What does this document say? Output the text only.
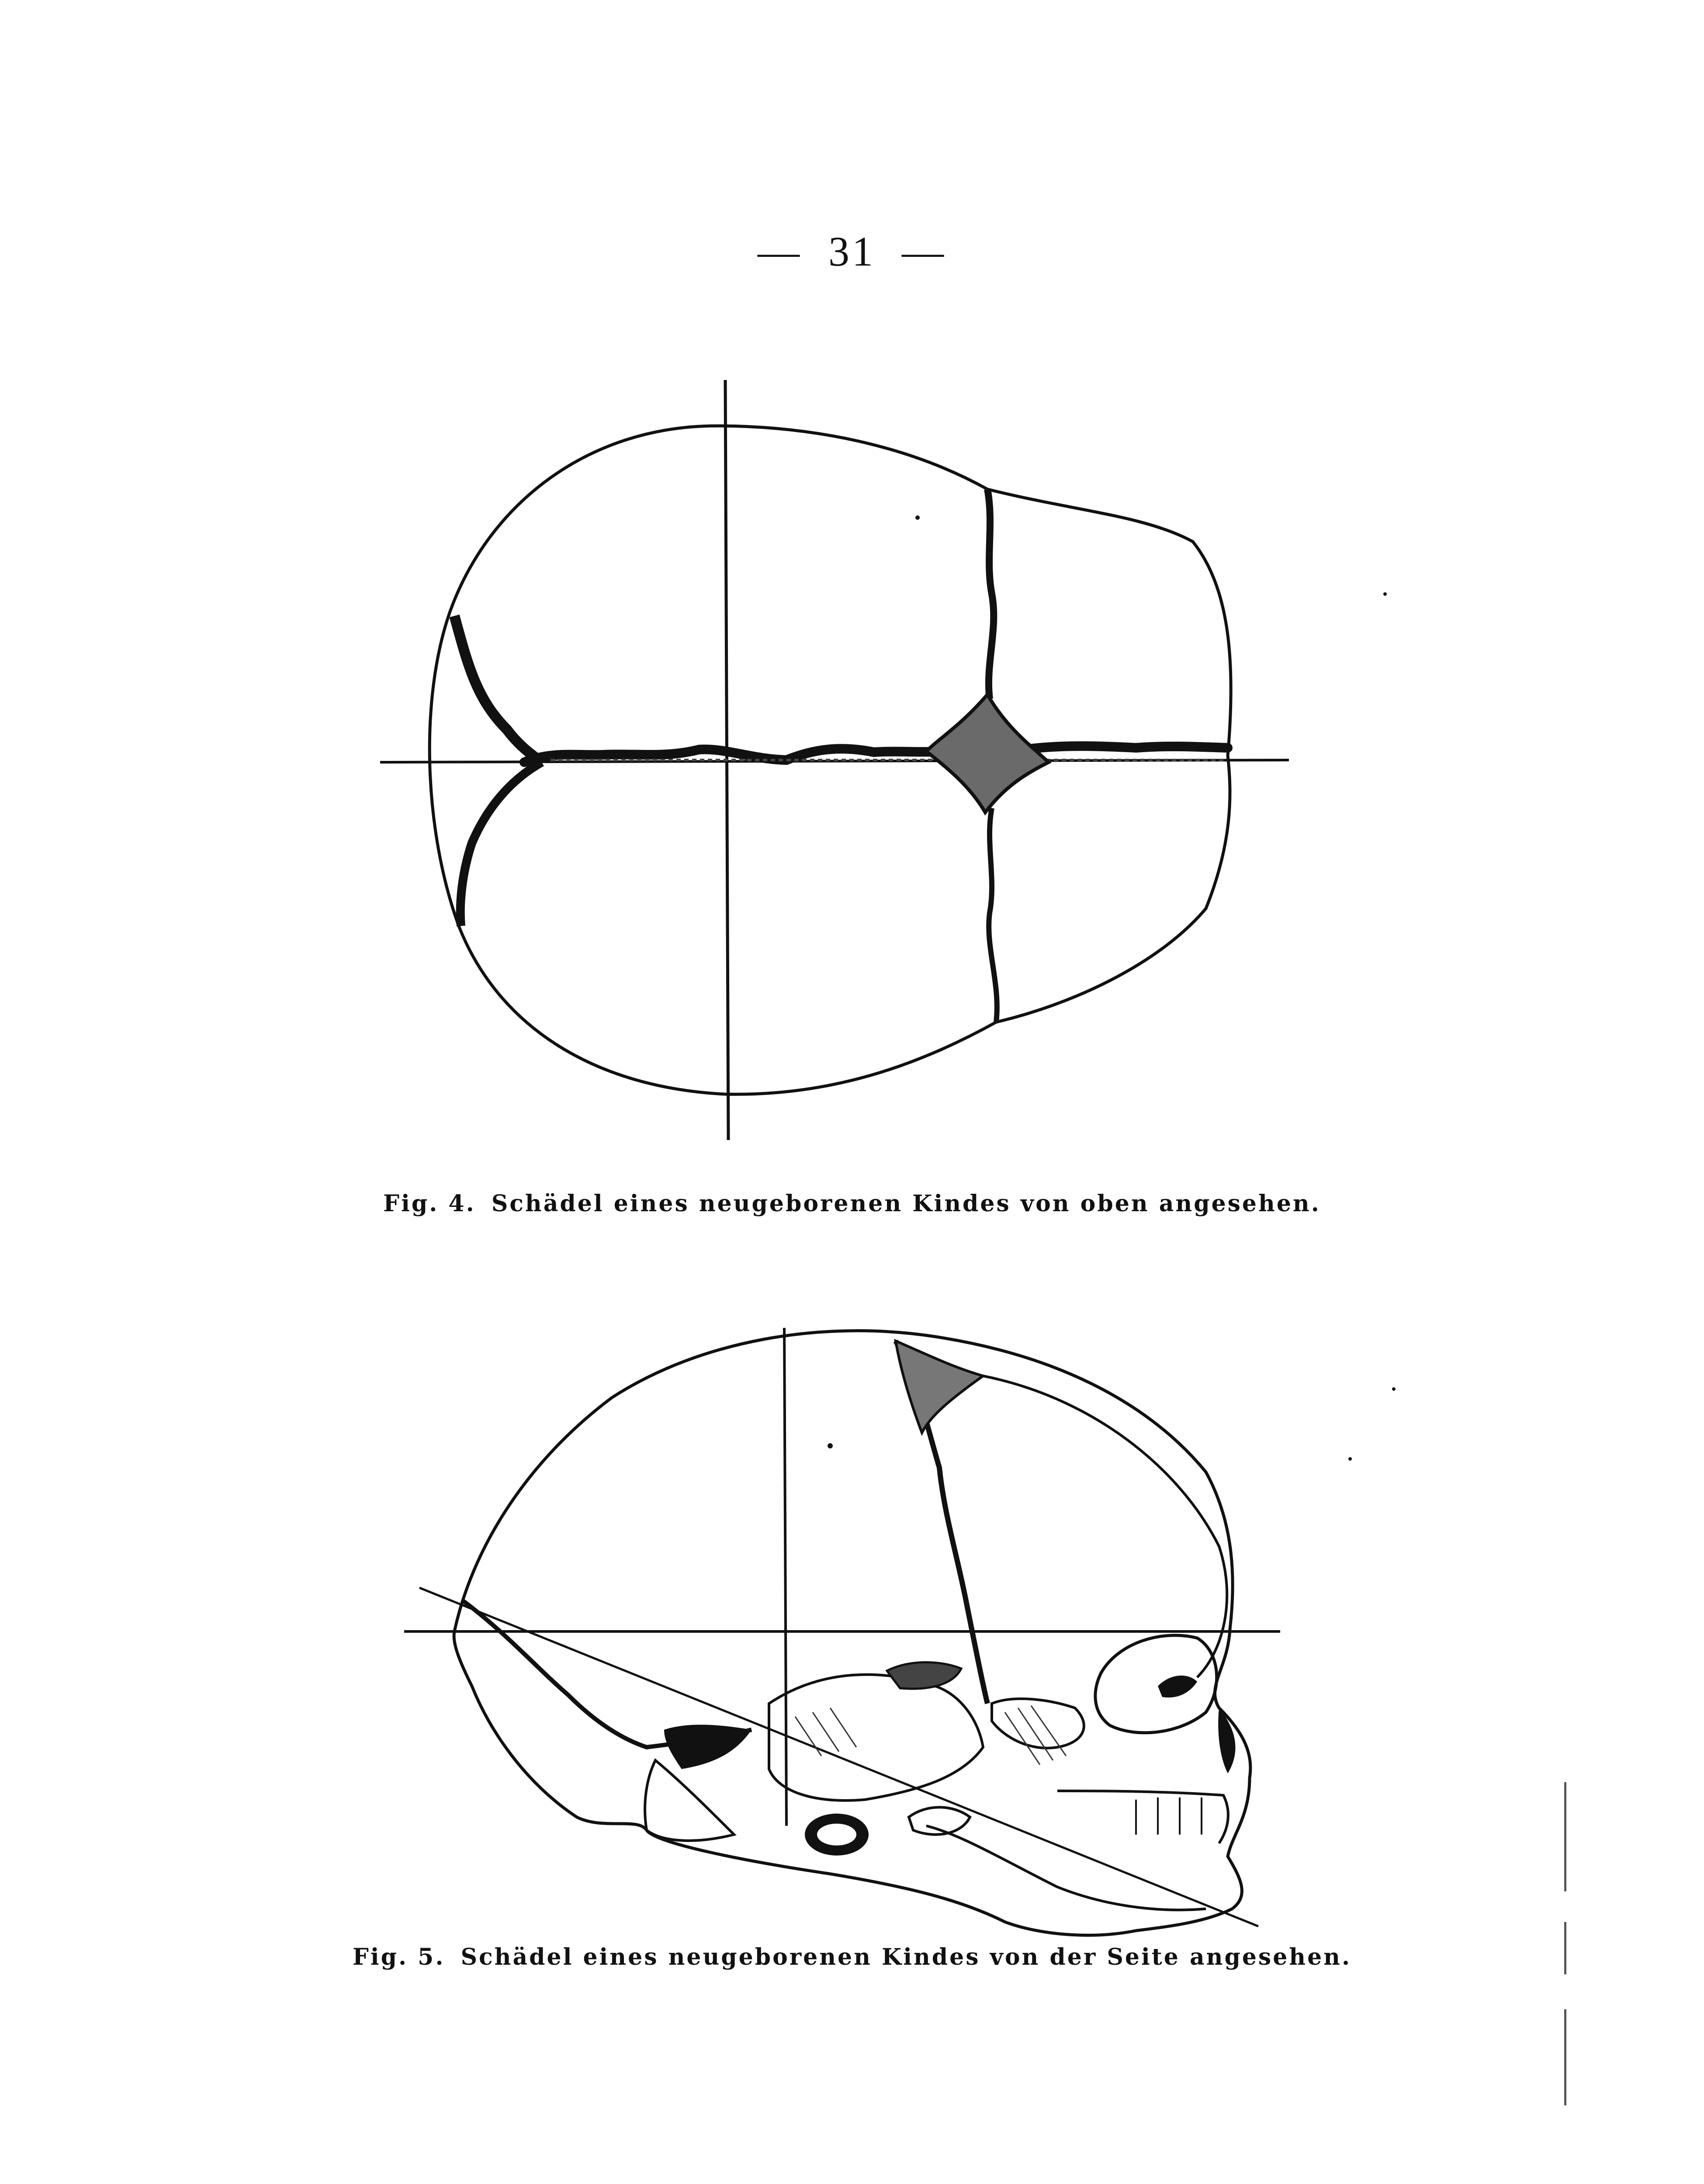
— 31 —
Fig. 4. Schädel eines neugeborenen Kindes von oben angesehen.
Fig. 5. Schädel eines neugeborenen Kindes von der Seite angesehen.
